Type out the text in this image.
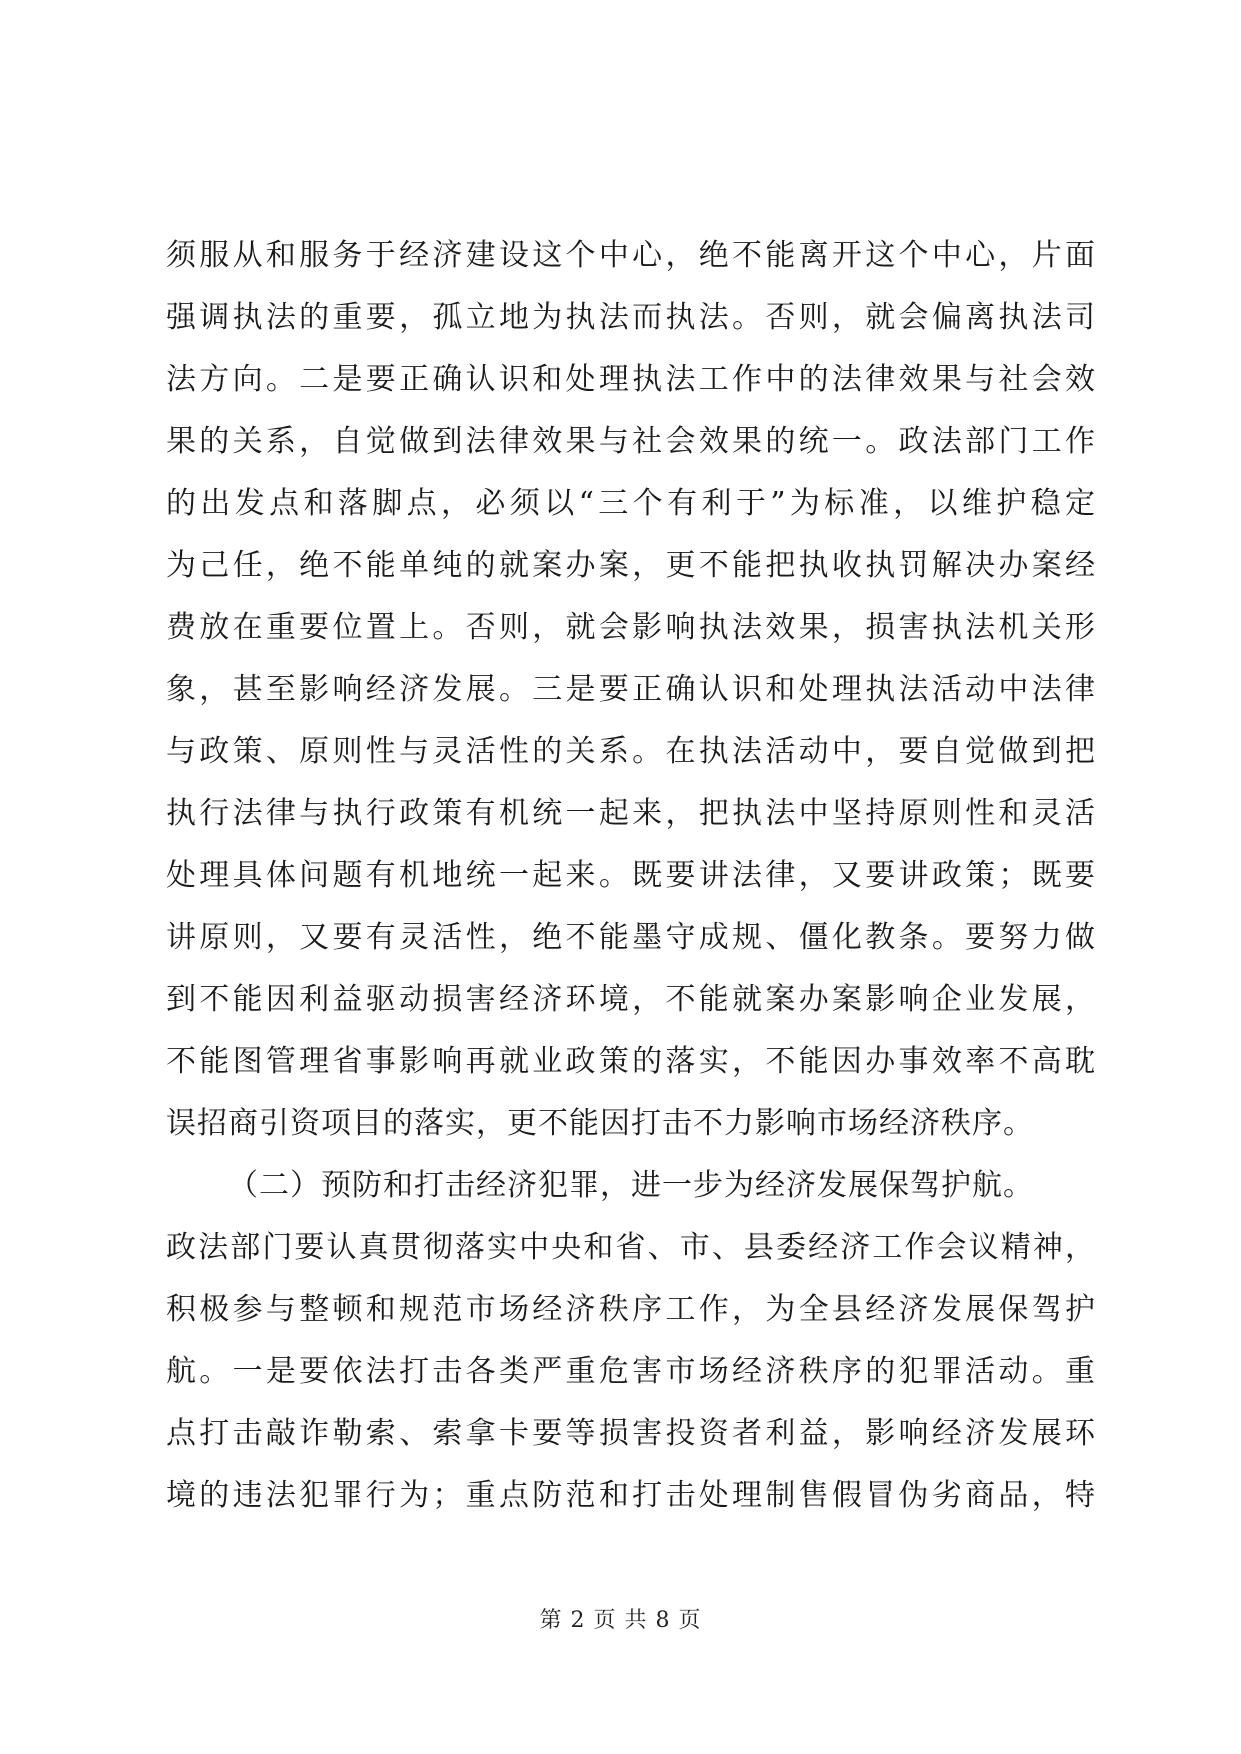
须服从和服务于经济建设这个中心，绝不能离开这个中心，片面
强调执法的重要，孤立地为执法而执法。否则，就会偏离执法司
法方向。二是要正确认识和处理执法工作中的法律效果与社会效
果的关系，自觉做到法律效果与社会效果的统一。政法部门工作
的出发点和落脚点，必须以“三个有利于”为标准，以维护稳定
为己任，绝不能单纯的就案办案，更不能把执收执罚解决办案经
费放在重要位置上。否则，就会影响执法效果，损害执法机关形
象，甚至影响经济发展。三是要正确认识和处理执法活动中法律
与政策、原则性与灵活性的关系。在执法活动中，要自觉做到把
执行法律与执行政策有机统一起来，把执法中坚持原则性和灵活
处理具体问题有机地统一起来。既要讲法律，又要讲政策；既要
讲原则，又要有灵活性，绝不能墨守成规、僵化教条。要努力做
到不能因利益驱动损害经济环境，不能就案办案影响企业发展，
不能图管理省事影响再就业政策的落实，不能因办事效率不高耽
误招商引资项目的落实，更不能因打击不力影响市场经济秩序。
（二）预防和打击经济犯罪，进一步为经济发展保驾护航。
政法部门要认真贯彻落实中央和省、市、县委经济工作会议精神，
积极参与整顿和规范市场经济秩序工作，为全县经济发展保驾护
航。一是要依法打击各类严重危害市场经济秩序的犯罪活动。重
点打击敲诈勒索、索拿卡要等损害投资者利益，影响经济发展环
境的违法犯罪行为；重点防范和打击处理制售假冒伪劣商品，特
第 2 页 共 8 页
